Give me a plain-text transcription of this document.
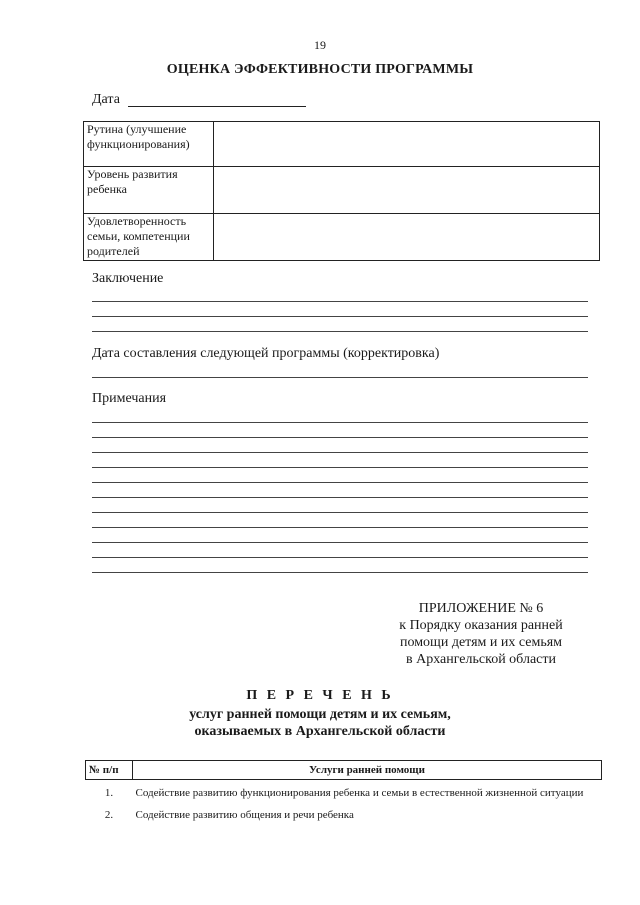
19
ОЦЕНКА ЭФФЕКТИВНОСТИ ПРОГРАММЫ
Дата
Рутина (улучшение функционирования)	
Уровень развития ребенка	
Удовлетворенность семьи, компетенции родителей	
Заключение
Дата составления следующей программы (корректировка)
Примечания
ПРИЛОЖЕНИЕ № 6
к Порядку оказания ранней
помощи детям и их семьям
в Архангельской области
П Е Р Е Ч Е Н Ь
услуг ранней помощи детям и их семьям,
оказываемых в Архангельской области
№ п/п	Услуги ранней помощи
1.	Содействие развитию функционирования ребенка и семьи в естественной жизненной ситуации
2.	Содействие развитию общения и речи ребенка
